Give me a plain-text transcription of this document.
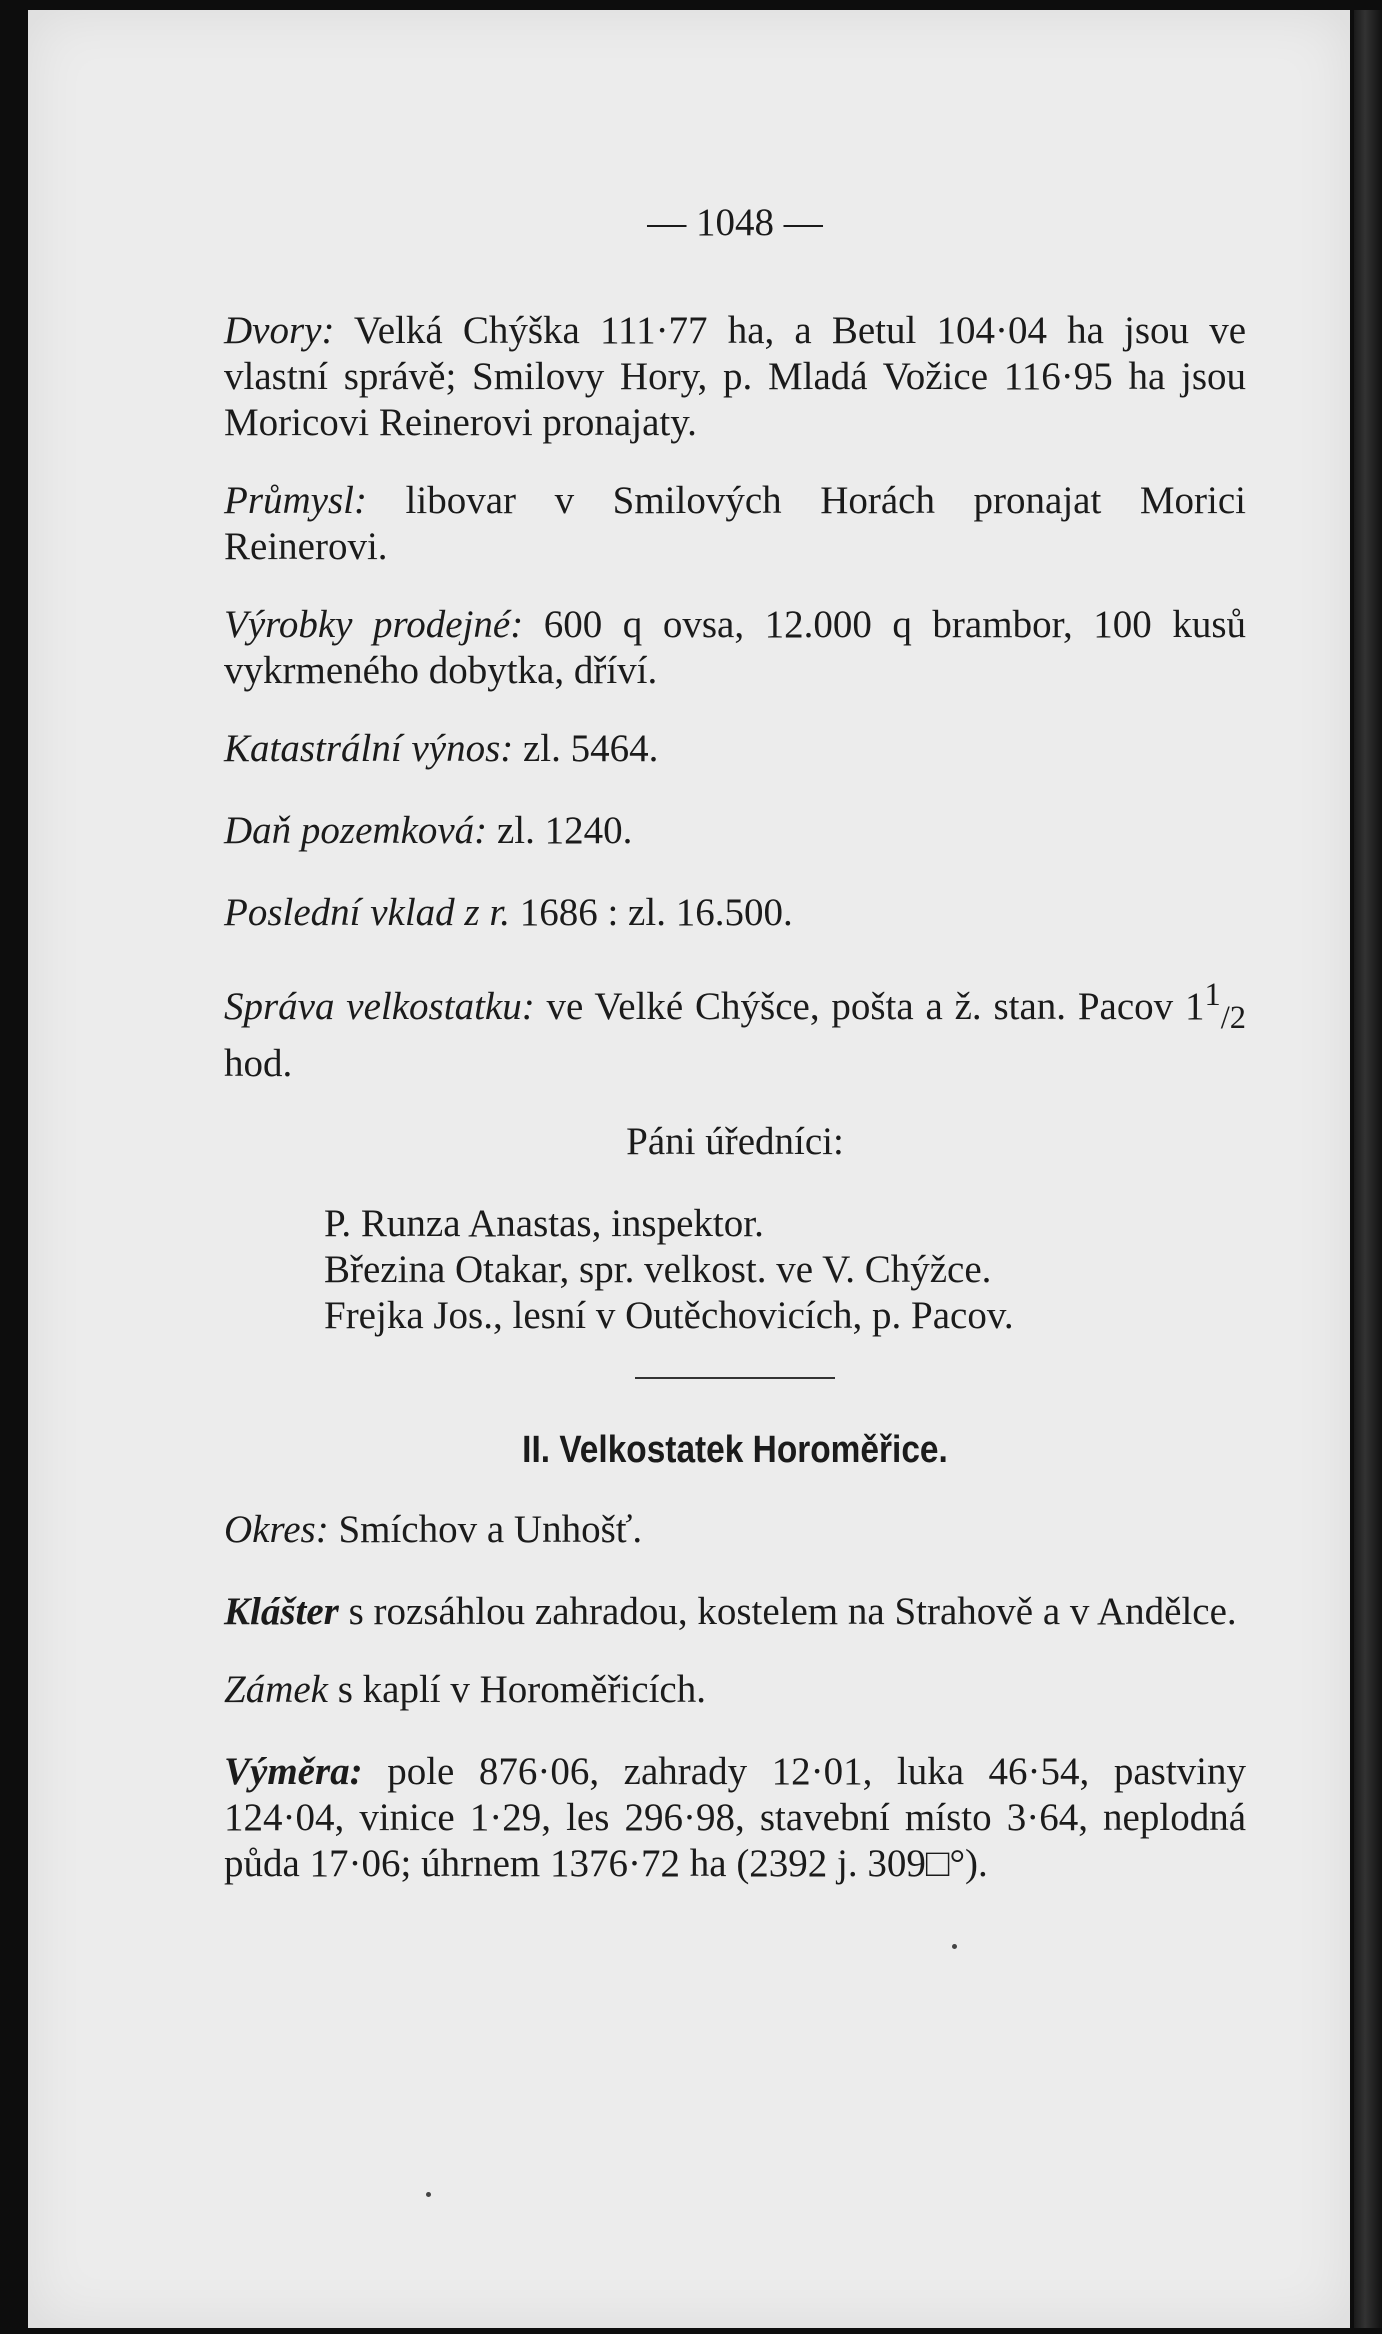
— 1048 —

Dvory: Velká Chýška 111·77 ha, a Betul 104·04 ha jsou ve vlastní správě; Smilovy Hory, p. Mladá Vožice 116·95 ha jsou Moricovi Reinerovi pronajaty.

Průmysl: libovar v Smilových Horách pronajat Morici Reinerovi.

Výrobky prodejné: 600 q ovsa, 12.000 q brambor, 100 kusů vykrmeného dobytka, dříví.

Katastrální výnos: zl. 5464.

Daň pozemková: zl. 1240.

Poslední vklad z r. 1686 : zl. 16.500.

Správa velkostatku: ve Velké Chýšce, pošta a ž. stan. Pacov $1^1_{/2}$ hod.

Páni úředníci:

P. Runza Anastas, inspektor.
Březina Otakar, spr. velkost. ve V. Chýžce.
Frejka Jos., lesní v Outěchovicích, p. Pacov.
II. Velkostatek Horoměřice.

Okres: Smíchov a Unhošť.

Klášter s rozsáhlou zahradou, kostelem na Strahově a v Andělce.

Zámek s kaplí v Horoměřicích.

Výměra: pole 876·06, zahrady 12·01, luka 46·54, pastviny 124·04, vinice 1·29, les 296·98, stavební místo 3·64, neplodná půda 17·06; úhrnem 1376·72 ha (2392 j. 309□°).
